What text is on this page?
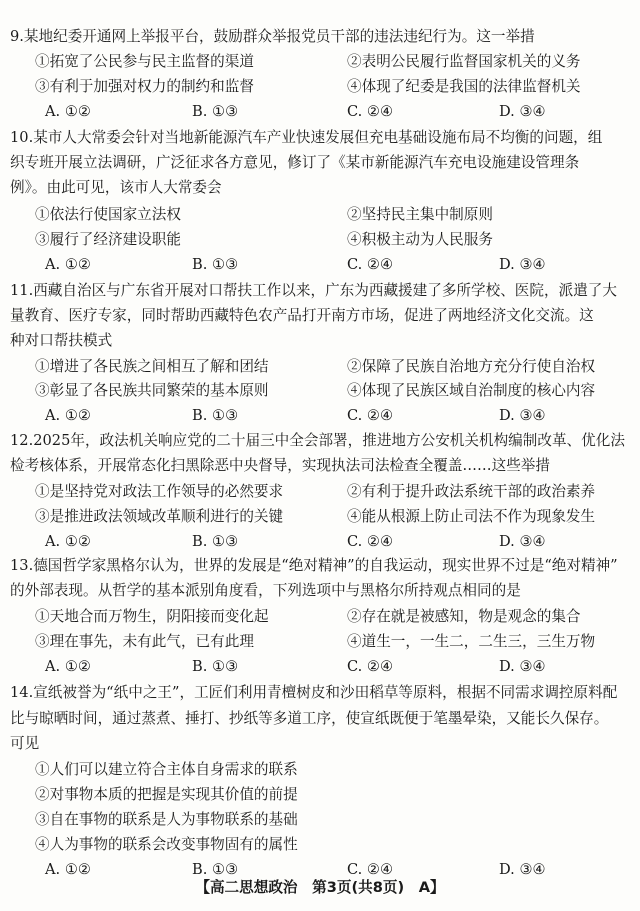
9.某地纪委开通网上举报平台，鼓励群众举报党员干部的违法违纪行为。这一举措
①拓宽了公民参与民主监督的渠道	②表明公民履行监督国家机关的义务
③有利于加强对权力的制约和监督	④体现了纪委是我国的法律监督机关
A. ①②	B. ①③	C. ②④	D. ③④
10.某市人大常委会针对当地新能源汽车产业快速发展但充电基础设施布局不均衡的问题，组
织专班开展立法调研，广泛征求各方意见，修订了《某市新能源汽车充电设施建设管理条
例》。由此可见，该市人大常委会
①依法行使国家立法权	②坚持民主集中制原则
③履行了经济建设职能	④积极主动为人民服务
A. ①②	B. ①③	C. ②④	D. ③④
11.西藏自治区与广东省开展对口帮扶工作以来，广东为西藏援建了多所学校、医院，派遣了大
量教育、医疗专家，同时帮助西藏特色农产品打开南方市场，促进了两地经济文化交流。这
种对口帮扶模式
①增进了各民族之间相互了解和团结	②保障了民族自治地方充分行使自治权
③彰显了各民族共同繁荣的基本原则	④体现了民族区域自治制度的核心内容
A. ①②	B. ①③	C. ②④	D. ③④
12.2025年，政法机关响应党的二十届三中全会部署，推进地方公安机关机构编制改革、优化法
检考核体系，开展常态化扫黑除恶中央督导，实现执法司法检查全覆盖……这些举措
①是坚持党对政法工作领导的必然要求	②有利于提升政法系统干部的政治素养
③是推进政法领域改革顺利进行的关键	④能从根源上防止司法不作为现象发生
A. ①②	B. ①③	C. ②④	D. ③④
13.德国哲学家黑格尔认为，世界的发展是“绝对精神”的自我运动，现实世界不过是“绝对精神”
的外部表现。从哲学的基本派别角度看，下列选项中与黑格尔所持观点相同的是
①天地合而万物生，阴阳接而变化起	②存在就是被感知，物是观念的集合
③理在事先，未有此气，已有此理	④道生一，一生二，二生三，三生万物
A. ①②	B. ①③	C. ②④	D. ③④
14.宣纸被誉为“纸中之王”，工匠们利用青檀树皮和沙田稻草等原料，根据不同需求调控原料配
比与晾晒时间，通过蒸煮、捶打、抄纸等多道工序，使宣纸既便于笔墨晕染，又能长久保存。
可见
①人们可以建立符合主体自身需求的联系
②对事物本质的把握是实现其价值的前提
③自在事物的联系是人为事物联系的基础
④人为事物的联系会改变事物固有的属性
A. ①②	B. ①③	C. ②④	D. ③④
【高二思想政治　第3页(共8页)　A】
